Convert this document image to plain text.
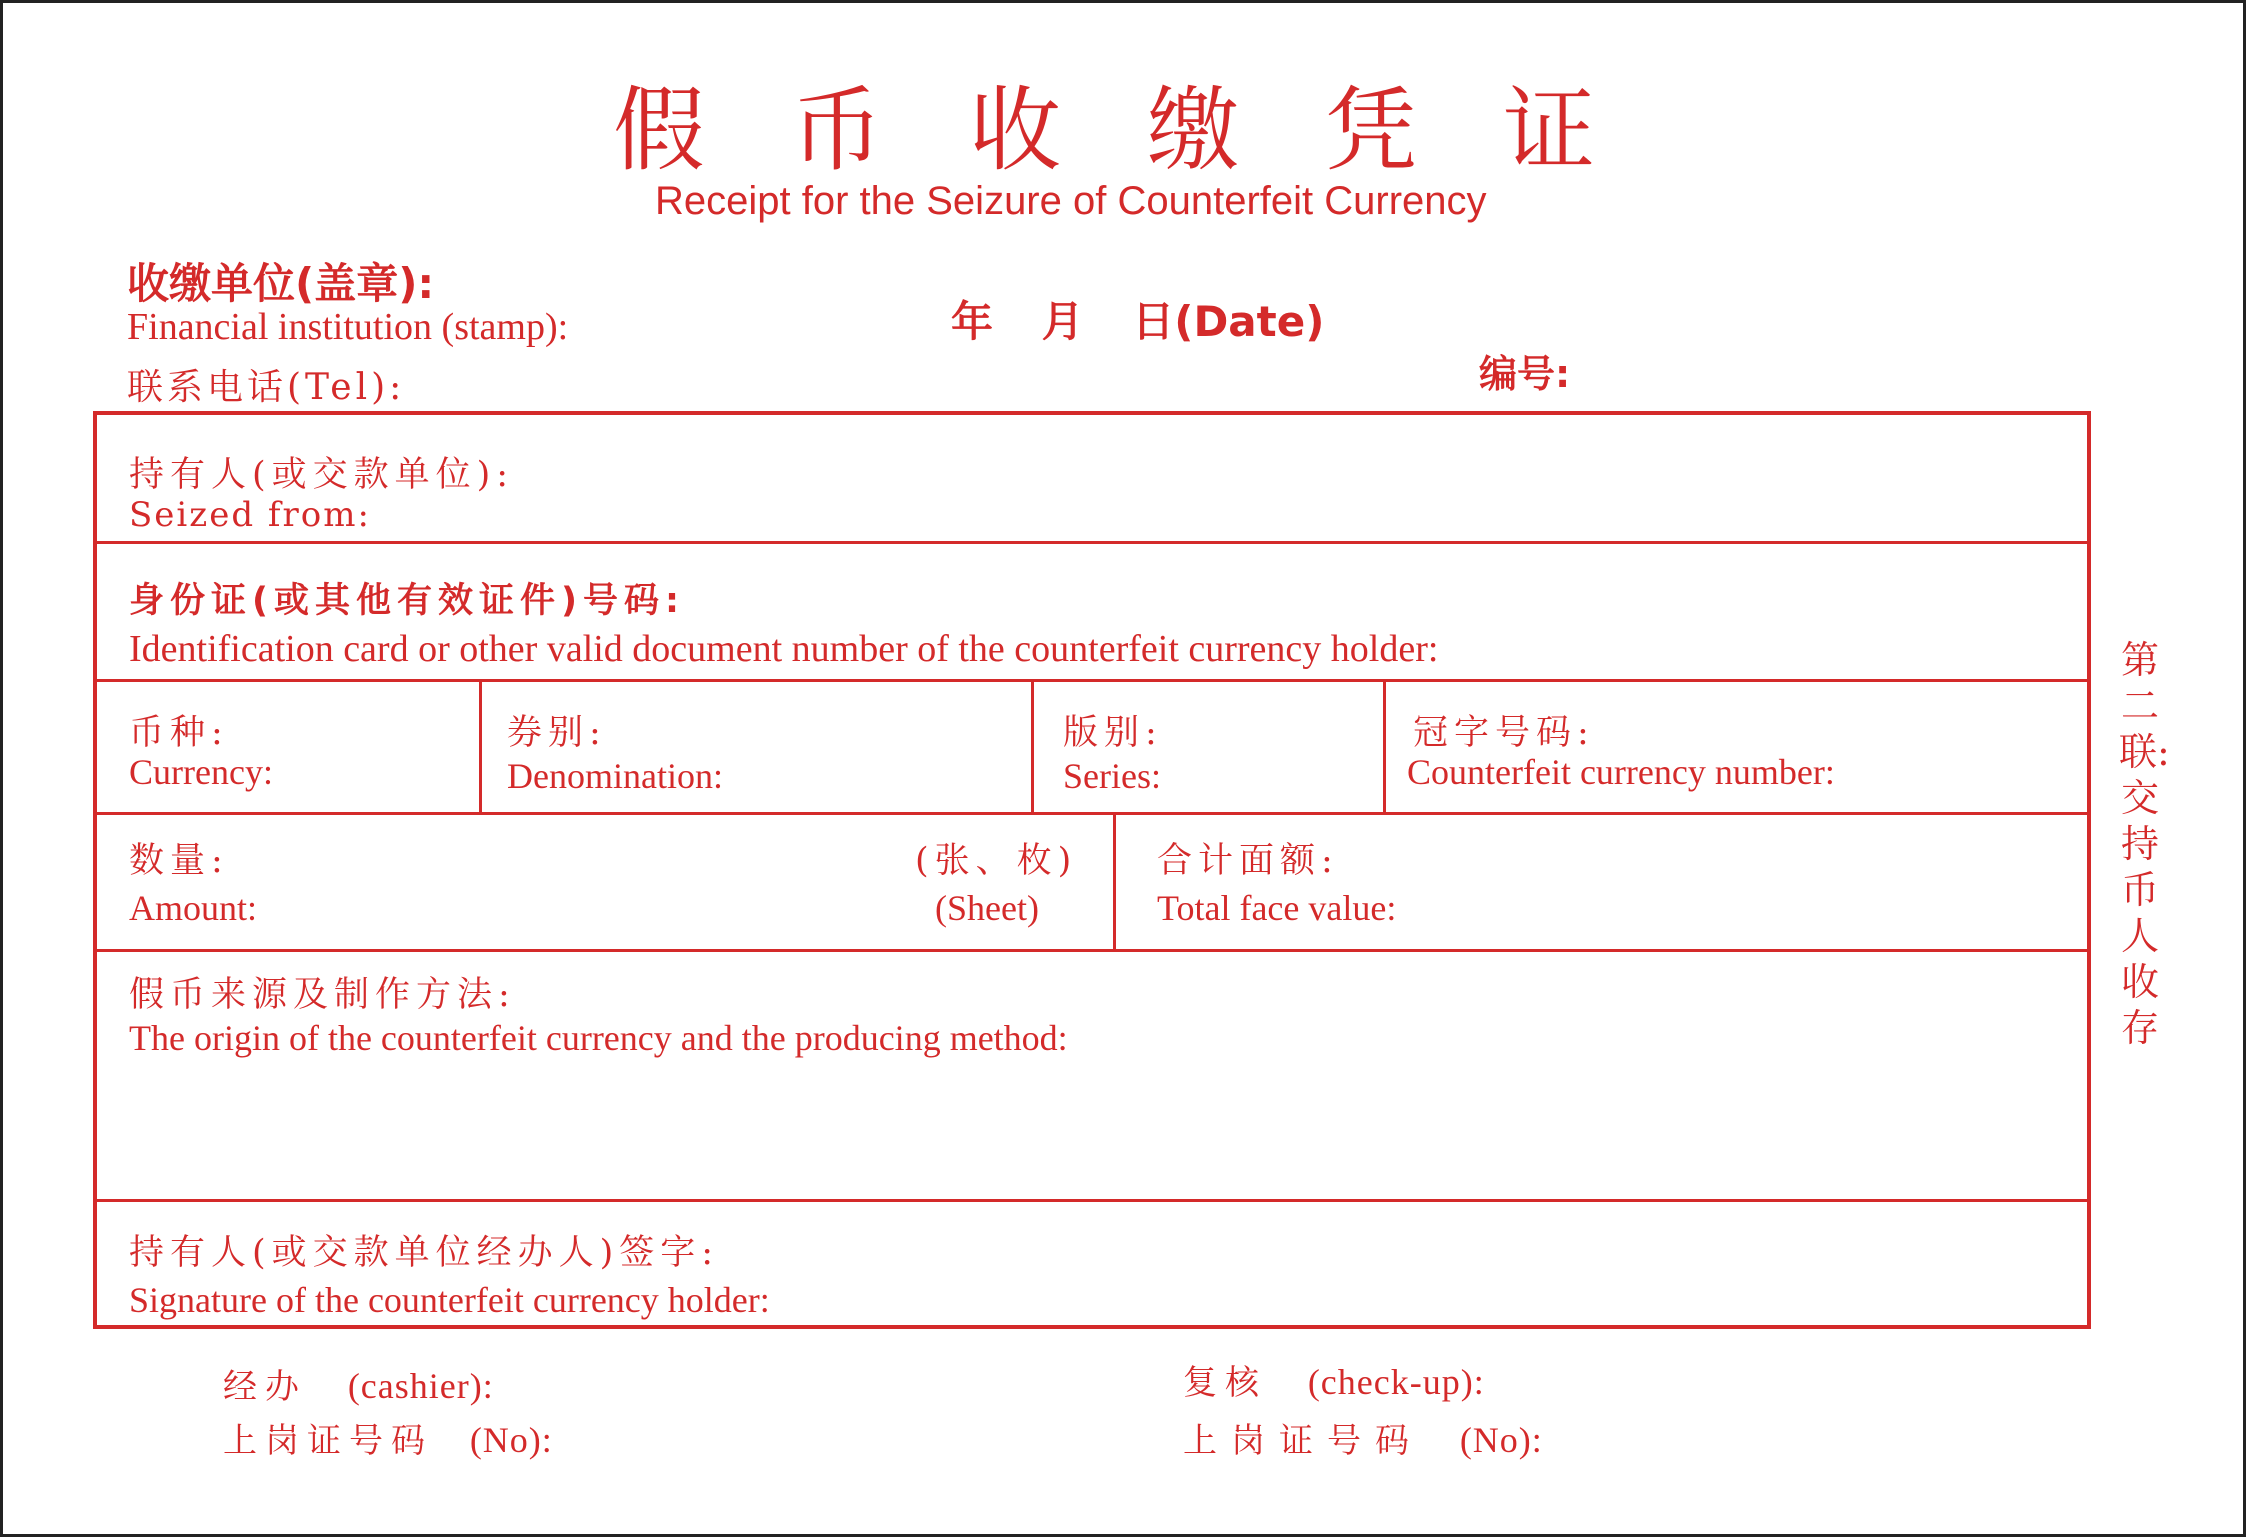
假币收缴凭证
Receipt for the Seizure of Counterfeit Currency
收缴单位(盖章):
Financial institution (stamp):
联系电话(Tel):
年 月 日(Date)
编号:
持有人(或交款单位):
Seized from:
身份证(或其他有效证件)号码:
Identification card or other valid document number of the counterfeit currency holder:
币种:
Currency:
券别:
Denomination:
版别:
Series:
冠字号码:
Counterfeit currency number:
数量:
Amount:
(张、枚)
(Sheet)
合计面额:
Total face value:
假币来源及制作方法:
The origin of the counterfeit currency and the producing method:
持有人(或交款单位经办人)签字:
Signature of the counterfeit currency holder:
第二联:交持币人收存
经办 (cashier):
上岗证号码 (No):
复核 (check-up):
上岗证号码 (No):
